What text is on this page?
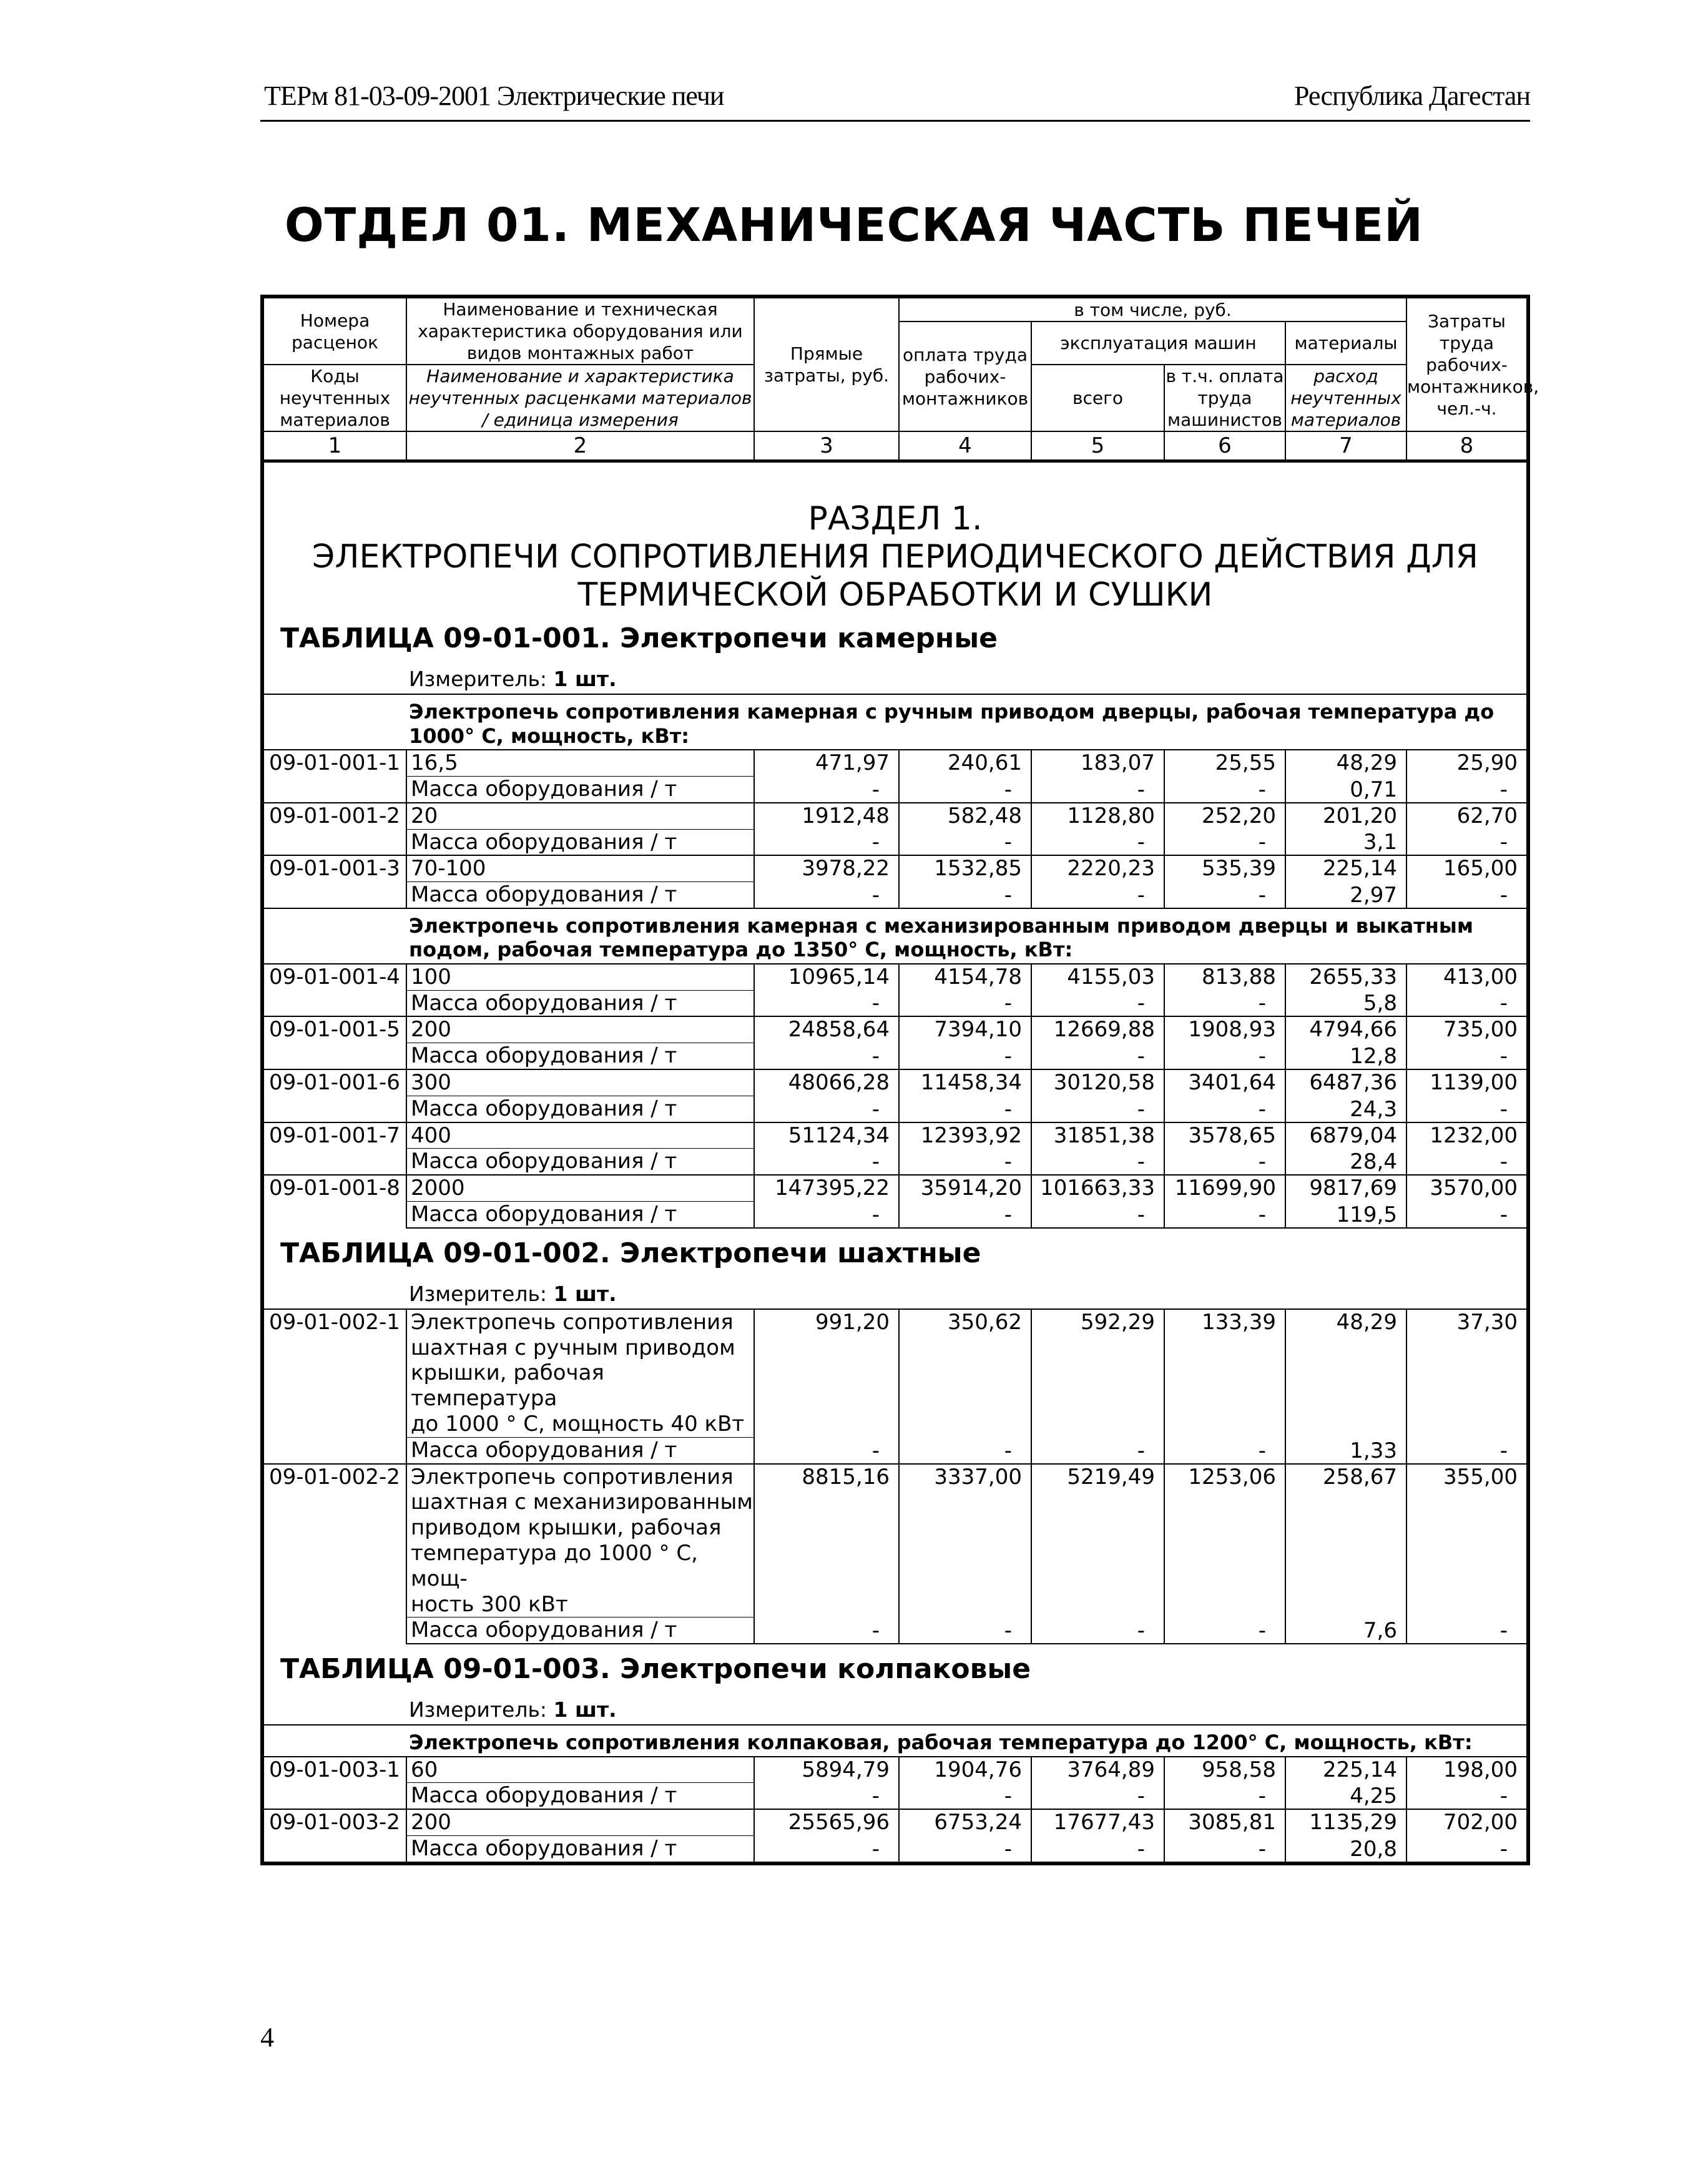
ТЕРм 81-03-09-2001 Электрические печи	Республика Дагестан
ОТДЕЛ 01. МЕХАНИЧЕСКАЯ ЧАСТЬ ПЕЧЕЙ
Номера расценок	Наименование и техническая характеристика оборудования или видов монтажных работ	Прямые затраты, руб.	в том числе, руб.				Затраты труда рабочих-монтажников, чел.-ч.
			оплата труда рабочих-монтажников	эксплуатация машин		материалы	
Коды неучтенных материалов	Наименование и характеристика неучтенных расценками материалов / единица измерения			всего	в т.ч. оплата труда машинистов	расход неучтенных материалов	

1	2	3	4	5	6	7	8

РАЗДЕЛ 1.
ЭЛЕКТРОПЕЧИ СОПРОТИВЛЕНИЯ ПЕРИОДИЧЕСКОГО ДЕЙСТВИЯ ДЛЯ
ТЕРМИЧЕСКОЙ ОБРАБОТКИ И СУШКИ							

ТАБЛИЦА 09-01-001. Электропечи камерные							
	Измеритель: 1 шт.						
	Электропечь сопротивления камерная с ручным приводом дверцы, рабочая температура до 1000° С, мощность, кВт:						
09-01-001-1	16,5	471,97	240,61	183,07	25,55	48,29	25,90
	Масса оборудования / т	-	-	-	-	0,71	-
09-01-001-2	20	1912,48	582,48	1128,80	252,20	201,20	62,70
	Масса оборудования / т	-	-	-	-	3,1	-
09-01-001-3	70-100	3978,22	1532,85	2220,23	535,39	225,14	165,00
	Масса оборудования / т	-	-	-	-	2,97	-
	Электропечь сопротивления камерная с механизированным приводом дверцы и выкатным подом, рабочая температура до 1350° С, мощность, кВт:						
09-01-001-4	100	10965,14	4154,78	4155,03	813,88	2655,33	413,00
	Масса оборудования / т	-	-	-	-	5,8	-
09-01-001-5	200	24858,64	7394,10	12669,88	1908,93	4794,66	735,00
	Масса оборудования / т	-	-	-	-	12,8	-
09-01-001-6	300	48066,28	11458,34	30120,58	3401,64	6487,36	1139,00
	Масса оборудования / т	-	-	-	-	24,3	-
09-01-001-7	400	51124,34	12393,92	31851,38	3578,65	6879,04	1232,00
	Масса оборудования / т	-	-	-	-	28,4	-
09-01-001-8	2000	147395,22	35914,20	101663,33	11699,90	9817,69	3570,00
	Масса оборудования / т	-	-	-	-	119,5	-
ТАБЛИЦА 09-01-002. Электропечи шахтные							
	Измеритель: 1 шт.						
09-01-002-1	Электропечь сопротивления
шахтная с ручным приводом
крышки, рабочая температура
до 1000 ° С, мощность 40 кВт	991,20	350,62	592,29	133,39	48,29	37,30
	Масса оборудования / т	-	-	-	-	1,33	-
09-01-002-2	Электропечь сопротивления
шахтная с механизированным
приводом крышки, рабочая
температура до 1000 ° С, мощ-
ность 300 кВт	8815,16	3337,00	5219,49	1253,06	258,67	355,00
	Масса оборудования / т	-	-	-	-	7,6	-
ТАБЛИЦА 09-01-003. Электропечи колпаковые							
	Измеритель: 1 шт.						
	Электропечь сопротивления колпаковая, рабочая температура до 1200° С, мощность, кВт:						
09-01-003-1	60	5894,79	1904,76	3764,89	958,58	225,14	198,00
	Масса оборудования / т	-	-	-	-	4,25	-
09-01-003-2	200	25565,96	6753,24	17677,43	3085,81	1135,29	702,00
	Масса оборудования / т	-	-	-	-	20,8	-
4
